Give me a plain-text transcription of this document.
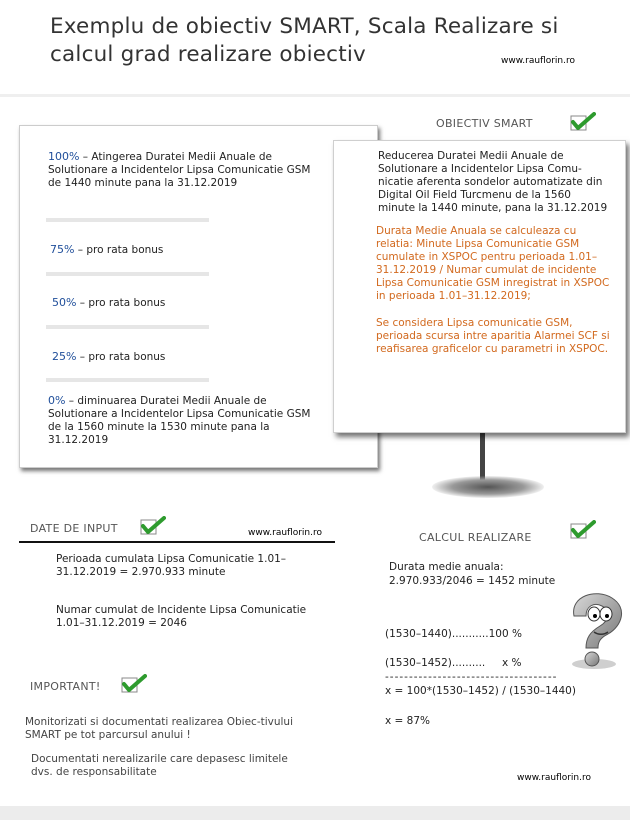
Exemplu de obiectiv SMART, Scala Realizare si calcul grad realizare obiectiv	www.rauflorin.ro
OBIECTIV SMART
100% – Atingerea Duratei Medii Anuale de Solutionare a Incidentelor Lipsa Comunicatie GSM de 1440 minute pana la 31.12.2019
75% – pro rata bonus
50% – pro rata bonus
25% – pro rata bonus
0% – diminuarea Duratei Medii Anuale de Solutionare a Incidentelor Lipsa Comunicatie GSM de la 1560 minute la 1530 minute pana la 31.12.2019
Reducerea Duratei Medii Anuale de Solutionare a Incidentelor Lipsa Comu-nicatie aferenta sondelor automatizate din Digital Oil Field Turcmenu de la 1560 minute la 1440 minute, pana la 31.12.2019
Durata Medie Anuala se calculeaza cu relatia: Minute Lipsa Comunicatie GSM cumulate in XSPOC pentru perioada 1.01–31.12.2019 / Numar cumulat de incidente Lipsa Comunicatie GSM inregistrat in XSPOC in perioada 1.01–31.12.2019;
Se considera Lipsa comunicatie GSM, perioada scursa intre aparitia Alarmei SCF si reafisarea graficelor cu parametri in XSPOC.
DATE DE INPUT	www.rauflorin.ro
Perioada cumulata Lipsa Comunicatie 1.01–31.12.2019 = 2.970.933 minute
Numar cumulat de Incidente Lipsa Comunicatie 1.01–31.12.2019 = 2046
IMPORTANT!
Monitorizati si documentati realizarea Obiec-tivului SMART pe tot parcursul anului !
Documentati nerealizarile care depasesc limitele dvs. de responsabilitate
CALCUL REALIZARE
Durata medie anuala:
2.970.933/2046 = 1452 minute
(1530–1440)...........100 %
(1530–1452)..........     x %
------------------------------------
x = 100*(1530–1452) / (1530–1440)
x = 87%
www.rauflorin.ro
